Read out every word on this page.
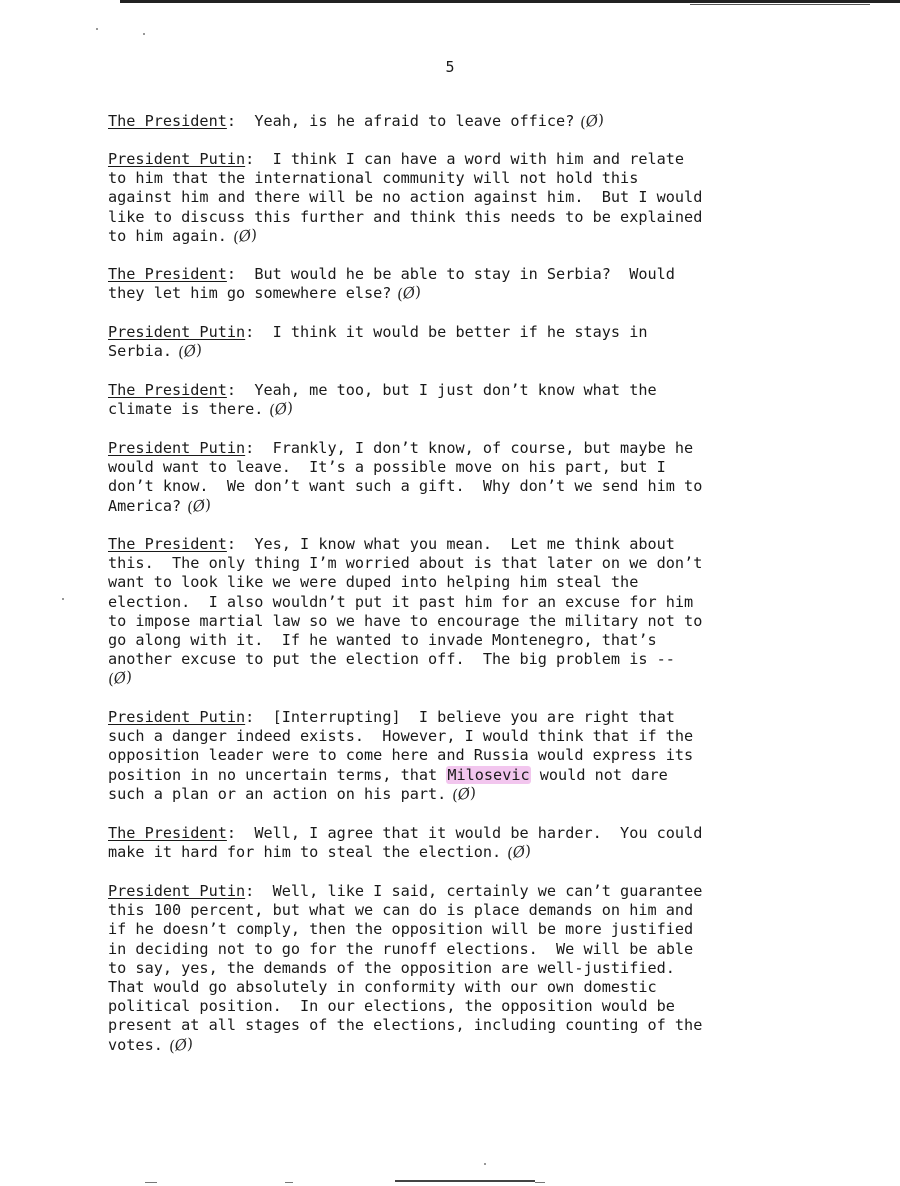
5
The President:  Yeah, is he afraid to leave office? (Ø)
President Putin:  I think I can have a word with him and relate
to him that the international community will not hold this
against him and there will be no action against him.  But I would
like to discuss this further and think this needs to be explained
to him again. (Ø)
The President:  But would he be able to stay in Serbia?  Would
they let him go somewhere else? (Ø)
President Putin:  I think it would be better if he stays in
Serbia. (Ø)
The President:  Yeah, me too, but I just don’t know what the
climate is there. (Ø)
President Putin:  Frankly, I don’t know, of course, but maybe he
would want to leave.  It’s a possible move on his part, but I
don’t know.  We don’t want such a gift.  Why don’t we send him to
America? (Ø)
The President:  Yes, I know what you mean.  Let me think about
this.  The only thing I’m worried about is that later on we don’t
want to look like we were duped into helping him steal the
election.  I also wouldn’t put it past him for an excuse for him
to impose martial law so we have to encourage the military not to
go along with it.  If he wanted to invade Montenegro, that’s
another excuse to put the election off.  The big problem is --
(Ø)
President Putin:  [Interrupting]  I believe you are right that
such a danger indeed exists.  However, I would think that if the
opposition leader were to come here and Russia would express its
position in no uncertain terms, that Milosevic would not dare
such a plan or an action on his part. (Ø)
The President:  Well, I agree that it would be harder.  You could
make it hard for him to steal the election. (Ø)
President Putin:  Well, like I said, certainly we can’t guarantee
this 100 percent, but what we can do is place demands on him and
if he doesn’t comply, then the opposition will be more justified
in deciding not to go for the runoff elections.  We will be able
to say, yes, the demands of the opposition are well-justified.
That would go absolutely in conformity with our own domestic
political position.  In our elections, the opposition would be
present at all stages of the elections, including counting of the
votes. (Ø)
